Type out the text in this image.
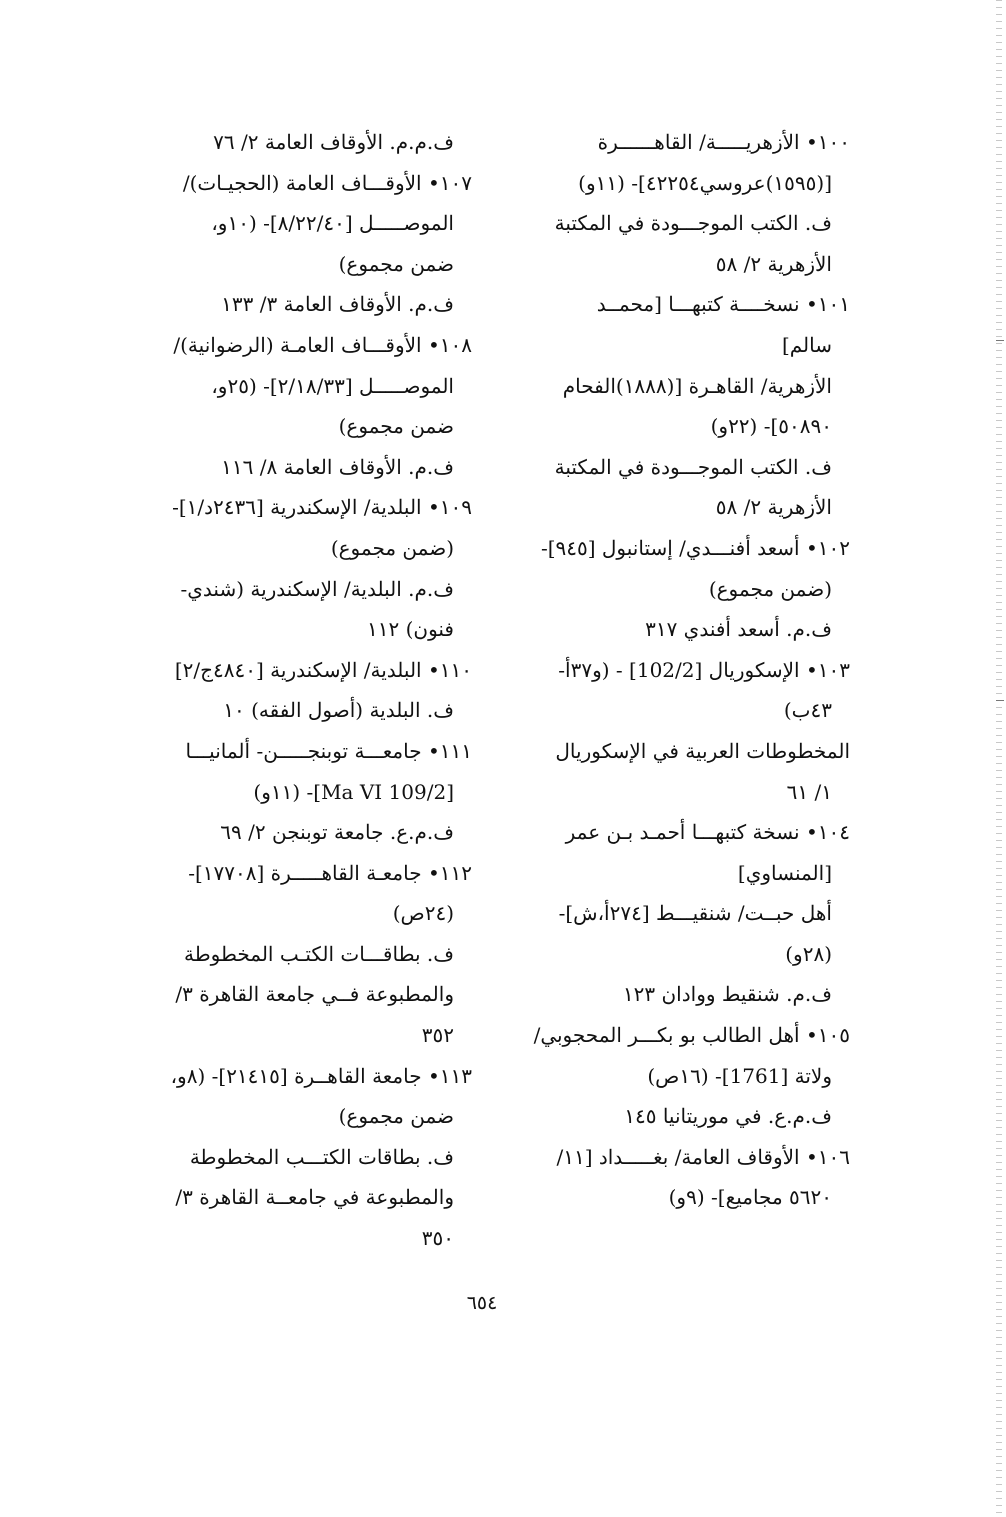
١٠٠• الأزهريـــــة/ القاهــــــرة
[(١٥٩٥)عروسي٤٢٢٥٤]- (١١و)
ف. الكتب الموجـــودة في المكتبة
الأزهرية ٢/ ٥٨
١٠١• نسخــــة كتبهـــا [محمــد
سالم]
الأزهرية/ القاهـرة [(١٨٨٨)الفحام
٥٠٨٩٠]- (٢٢و)
ف. الكتب الموجـــودة في المكتبة
الأزهرية ٢/ ٥٨
١٠٢• أسعد أفنـــدي/ إستانبول [٩٤٥]-
(ضمن مجموع)
ف.م. أسعد أفندي ٣١٧
١٠٣• الإسكوريال [102/2] - (و٣٧أ-
٤٣ب)
المخطوطات العربية في الإسكوريال
١/ ٦١
١٠٤• نسخة كتبهـــا أحمـد بـن عمر
[المنساوي]
أهل حبــت/ شنقيـــط [٢٧٤أ،ش]-
(٢٨و)
ف.م. شنقيط ووادان ١٢٣
١٠٥• أهل الطالب بو بكـــر المحجوبي/
ولاتة [1761]- (١٦ص)
ف.م.ع. في موريتانيا ١٤٥
١٠٦• الأوقاف العامة/ بغـــــداد [١١/
٥٦٢٠ مجاميع]- (٩و)
ف.م.م. الأوقاف العامة ٢/ ٧٦
١٠٧• الأوقـــاف العامة (الحجيـات)/
الموصـــــل [٨/٢٢/٤٠]- (١٠و،
ضمن مجموع)
ف.م. الأوقاف العامة ٣/ ١٣٣
١٠٨• الأوقـــاف العامـة (الرضوانية)/
الموصـــــل [٢/١٨/٣٣]- (٢٥و،
ضمن مجموع)
ف.م. الأوقاف العامة ٨/ ١١٦
١٠٩• البلدية/ الإسكندرية [٢٤٣٦د/١]-
(ضمن مجموع)
ف.م. البلدية/ الإسكندرية (شندي-
فنون) ١١٢
١١٠• البلدية/ الإسكندرية [٤٨٤٠ج/٢]
ف. البلدية (أصول الفقه) ١٠
١١١• جامعـــة توبنجـــــن- ألمانيـــا
[Ma VI 109/2]- (١١و)
ف.م.ع. جامعة توبنجن ٢/ ٦٩
١١٢• جامعـة القاهـــــرة [١٧٧٠٨]-
(٢٤ص)
ف. بطاقـــات الكتـب المخطوطة
والمطبوعة فــي جامعة القاهرة ٣/
٣٥٢
١١٣• جامعة القاهــرة [٢١٤١٥]- (٨و،
ضمن مجموع)
ف. بطاقات الكتـــب المخطوطة
والمطبوعة في جامعــة القاهرة ٣/
٣٥٠
٦٥٤
